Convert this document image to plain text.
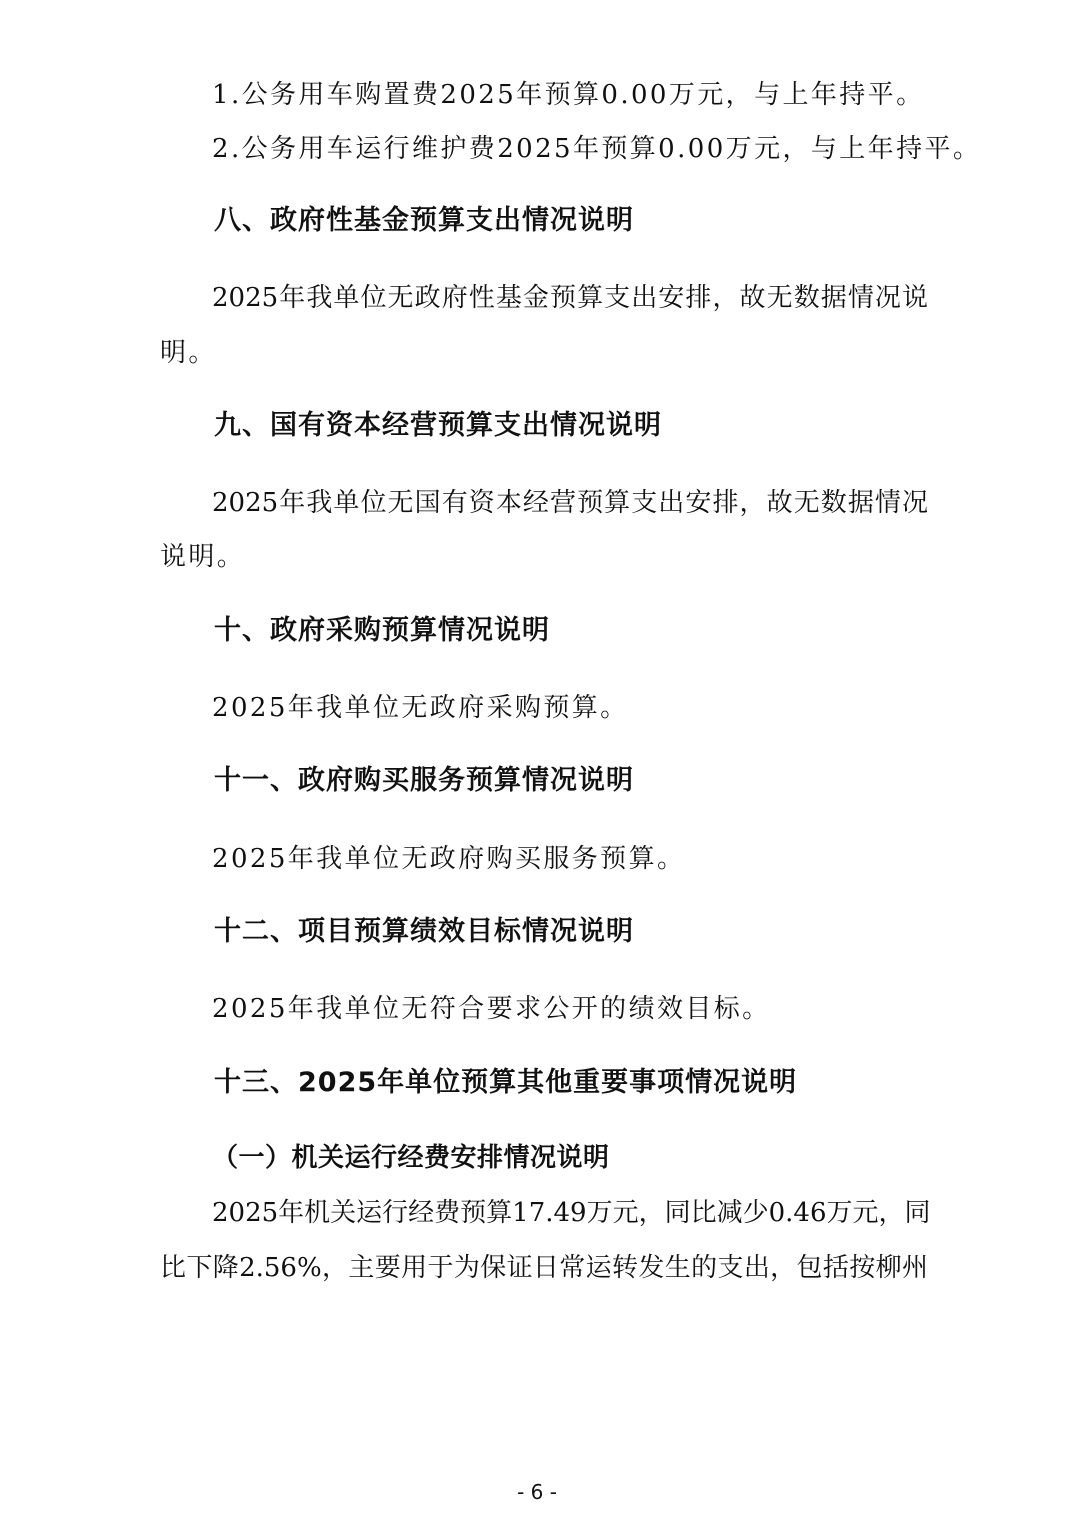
1.公务用车购置费2025年预算0.00万元，与上年持平。
2.公务用车运行维护费2025年预算0.00万元，与上年持平。
八、政府性基金预算支出情况说明
2025年我单位无政府性基金预算支出安排，故无数据情况说
明。
九、国有资本经营预算支出情况说明
2025年我单位无国有资本经营预算支出安排，故无数据情况
说明。
十、政府采购预算情况说明
2025年我单位无政府采购预算。
十一、政府购买服务预算情况说明
2025年我单位无政府购买服务预算。
十二、项目预算绩效目标情况说明
2025年我单位无符合要求公开的绩效目标。
十三、2025年单位预算其他重要事项情况说明
（一）机关运行经费安排情况说明
2025年机关运行经费预算17.49万元，同比减少0.46万元，同
比下降2.56%，主要用于为保证日常运转发生的支出，包括按柳州
- 6 -
